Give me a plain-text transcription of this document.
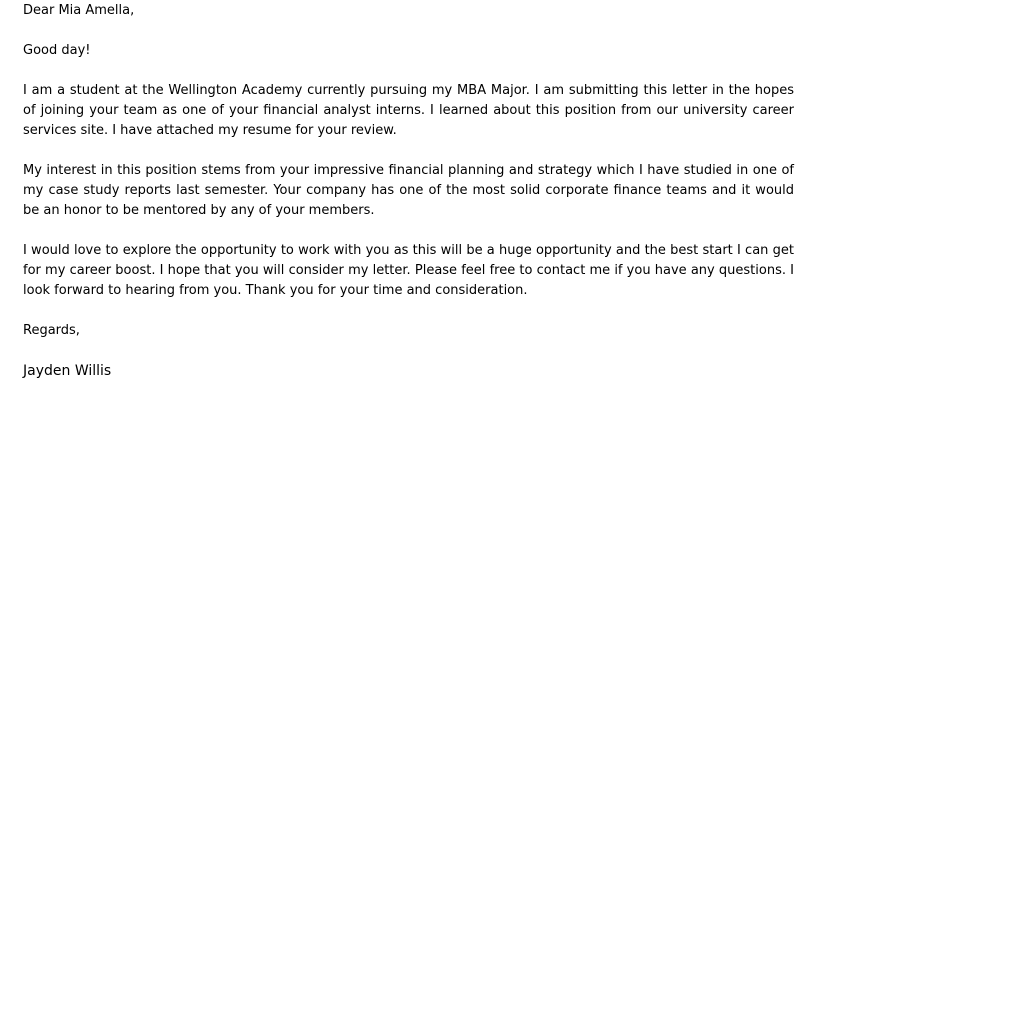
Dear Mia Amella,

Good day!

I am a student at the Wellington Academy currently pursuing my MBA Major. I am submitting this letter in the hopes of joining your team as one of your financial analyst interns. I learned about this position from our university career services site. I have attached my resume for your review.

My interest in this position stems from your impressive financial planning and strategy which I have studied in one of my case study reports last semester. Your company has one of the most solid corporate finance teams and it would be an honor to be mentored by any of your members.

I would love to explore the opportunity to work with you as this will be a huge opportunity and the best start I can get for my career boost. I hope that you will consider my letter. Please feel free to contact me if you have any questions. I look forward to hearing from you. Thank you for your time and consideration.

Regards,

Jayden Willis
